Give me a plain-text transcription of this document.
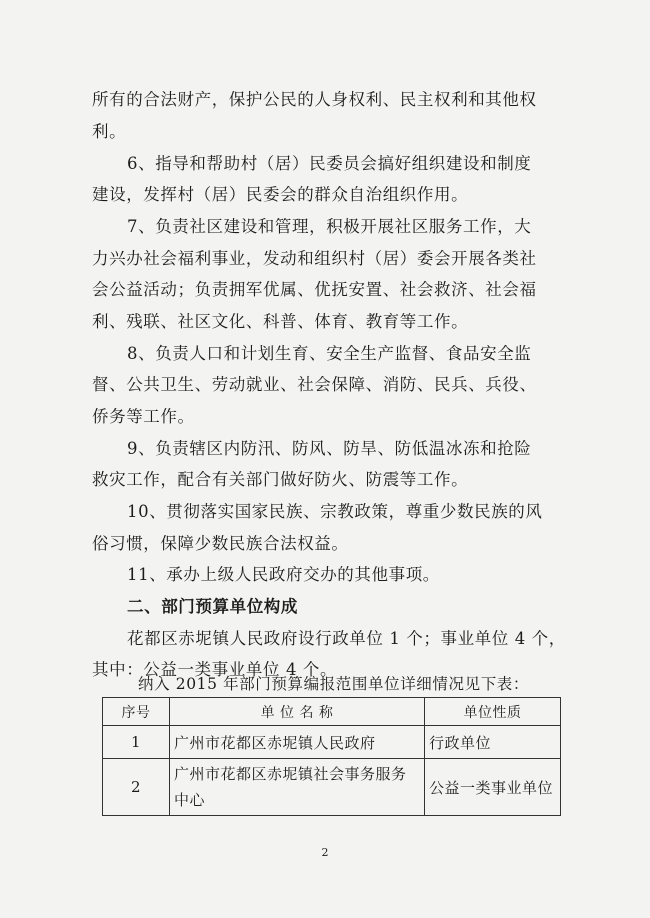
所有的合法财产，保护公民的人身权利、民主权利和其他权
利。
6、指导和帮助村（居）民委员会搞好组织建设和制度
建设，发挥村（居）民委会的群众自治组织作用。
7、负责社区建设和管理，积极开展社区服务工作，大
力兴办社会福利事业，发动和组织村（居）委会开展各类社
会公益活动；负责拥军优属、优抚安置、社会救济、社会福
利、残联、社区文化、科普、体育、教育等工作。
8、负责人口和计划生育、安全生产监督、食品安全监
督、公共卫生、劳动就业、社会保障、消防、民兵、兵役、
侨务等工作。
9、负责辖区内防汛、防风、防旱、防低温冰冻和抢险
救灾工作，配合有关部门做好防火、防震等工作。
10、贯彻落实国家民族、宗教政策，尊重少数民族的风
俗习惯，保障少数民族合法权益。
11、承办上级人民政府交办的其他事项。
二、部门预算单位构成
花都区赤坭镇人民政府设行政单位 1 个；事业单位 4 个，
其中：公益一类事业单位 4 个。
纳入 2015 年部门预算编报范围单位详细情况见下表：
序号	单 位 名 称	单位性质
1	广州市花都区赤坭镇人民政府	行政单位
2	广州市花都区赤坭镇社会事务服务中心	公益一类事业单位
2
